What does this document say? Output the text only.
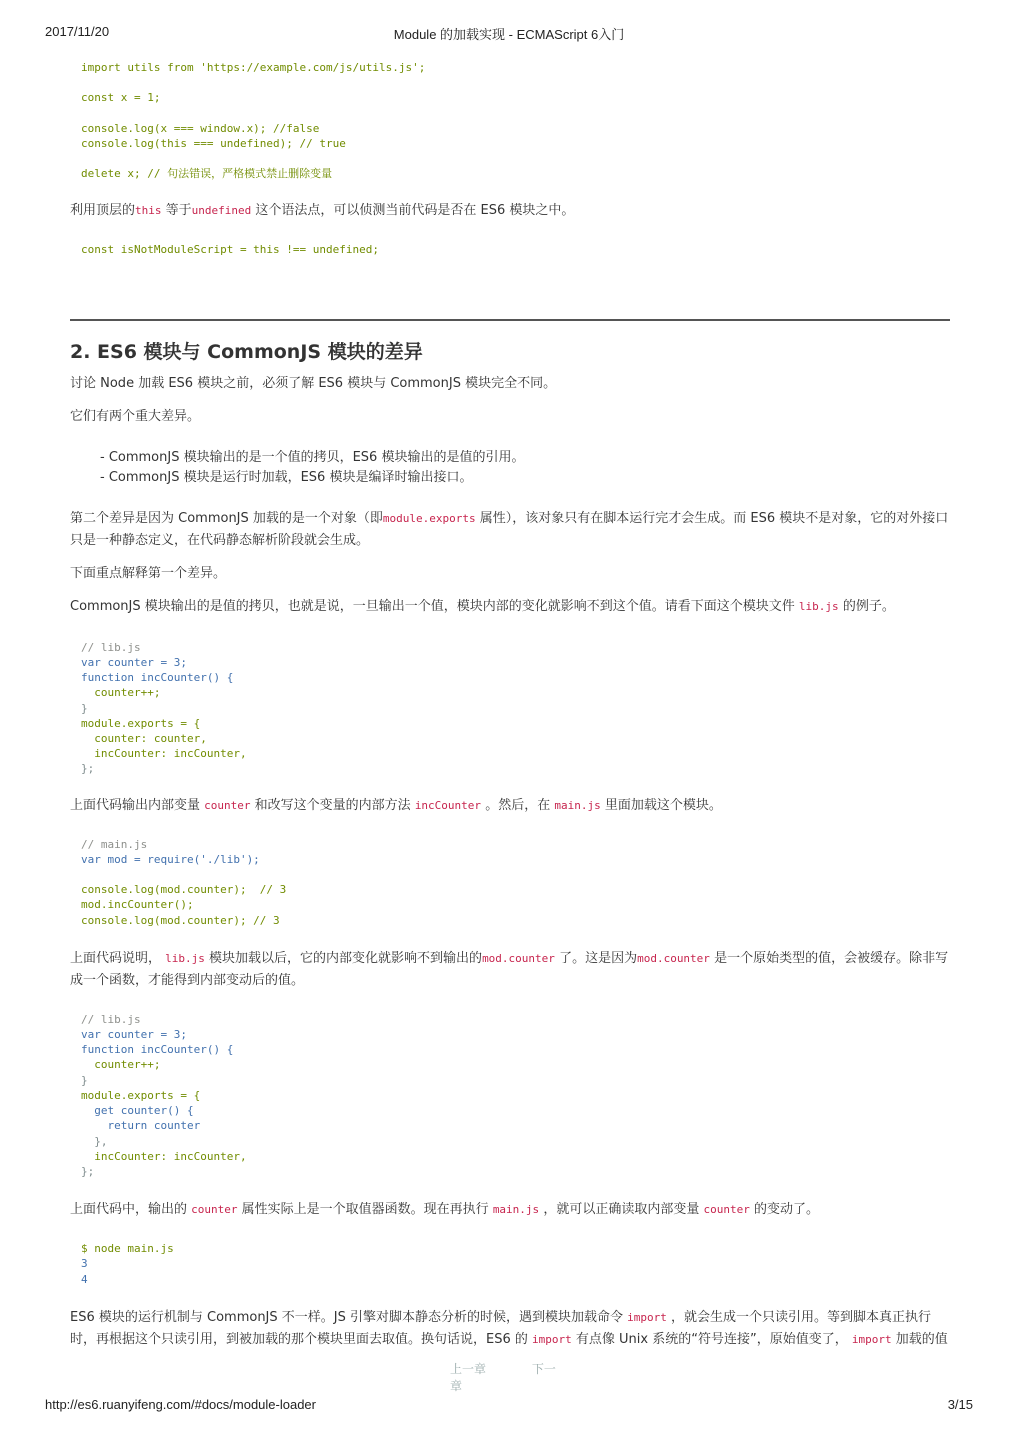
2017/11/20	Module 的加载实现 - ECMAScript 6入门
import utils from 'https://example.com/js/utils.js';

const x = 1;

console.log(x === window.x); //false
console.log(this === undefined); // true

delete x; // 句法错误，严格模式禁止删除变量

利用顶层的this 等于undefined 这个语法点，可以侦测当前代码是否在 ES6 模块之中。

const isNotModuleScript = this !== undefined;
2. ES6 模块与 CommonJS 模块的差异

讨论 Node 加载 ES6 模块之前，必须了解 ES6 模块与 CommonJS 模块完全不同。

它们有两个重大差异。

- CommonJS 模块输出的是一个值的拷贝，ES6 模块输出的是值的引用。
- CommonJS 模块是运行时加载，ES6 模块是编译时输出接口。

第二个差异是因为 CommonJS 加载的是一个对象（即module.exports 属性），该对象只有在脚本运行完才会生成。而 ES6 模块不是对象，它的对外接口只是一种静态定义，在代码静态解析阶段就会生成。

下面重点解释第一个差异。

CommonJS 模块输出的是值的拷贝，也就是说，一旦输出一个值，模块内部的变化就影响不到这个值。请看下面这个模块文件 lib.js 的例子。

// lib.js
var counter = 3;
function incCounter() {
counter++;
}
module.exports = {
counter: counter,
incCounter: incCounter,
};

上面代码输出内部变量 counter 和改写这个变量的内部方法 incCounter 。然后，在 main.js 里面加载这个模块。

// main.js
var mod = require('./lib');

console.log(mod.counter);  // 3
mod.incCounter();
console.log(mod.counter); // 3

上面代码说明， lib.js 模块加载以后，它的内部变化就影响不到输出的mod.counter 了。这是因为mod.counter 是一个原始类型的值，会被缓存。除非写成一个函数，才能得到内部变动后的值。

// lib.js
var counter = 3;
function incCounter() {
counter++;
}
module.exports = {
get counter() {
return counter
},
incCounter: incCounter,
};

上面代码中，输出的 counter 属性实际上是一个取值器函数。现在再执行 main.js ，就可以正确读取内部变量 counter 的变动了。

$ node main.js
3
4

ES6 模块的运行机制与 CommonJS 不一样。JS 引擎对脚本静态分析的时候，遇到模块加载命令 import ，就会生成一个只读引用。等到脚本真正执行时，再根据这个只读引用，到被加载的那个模块里面去取值。换句话说，ES6 的 import 有点像 Unix 系统的“符号连接”，原始值变了， import 加载的值

上一章	下一章
http://es6.ruanyifeng.com/#docs/module-loader	3/15
